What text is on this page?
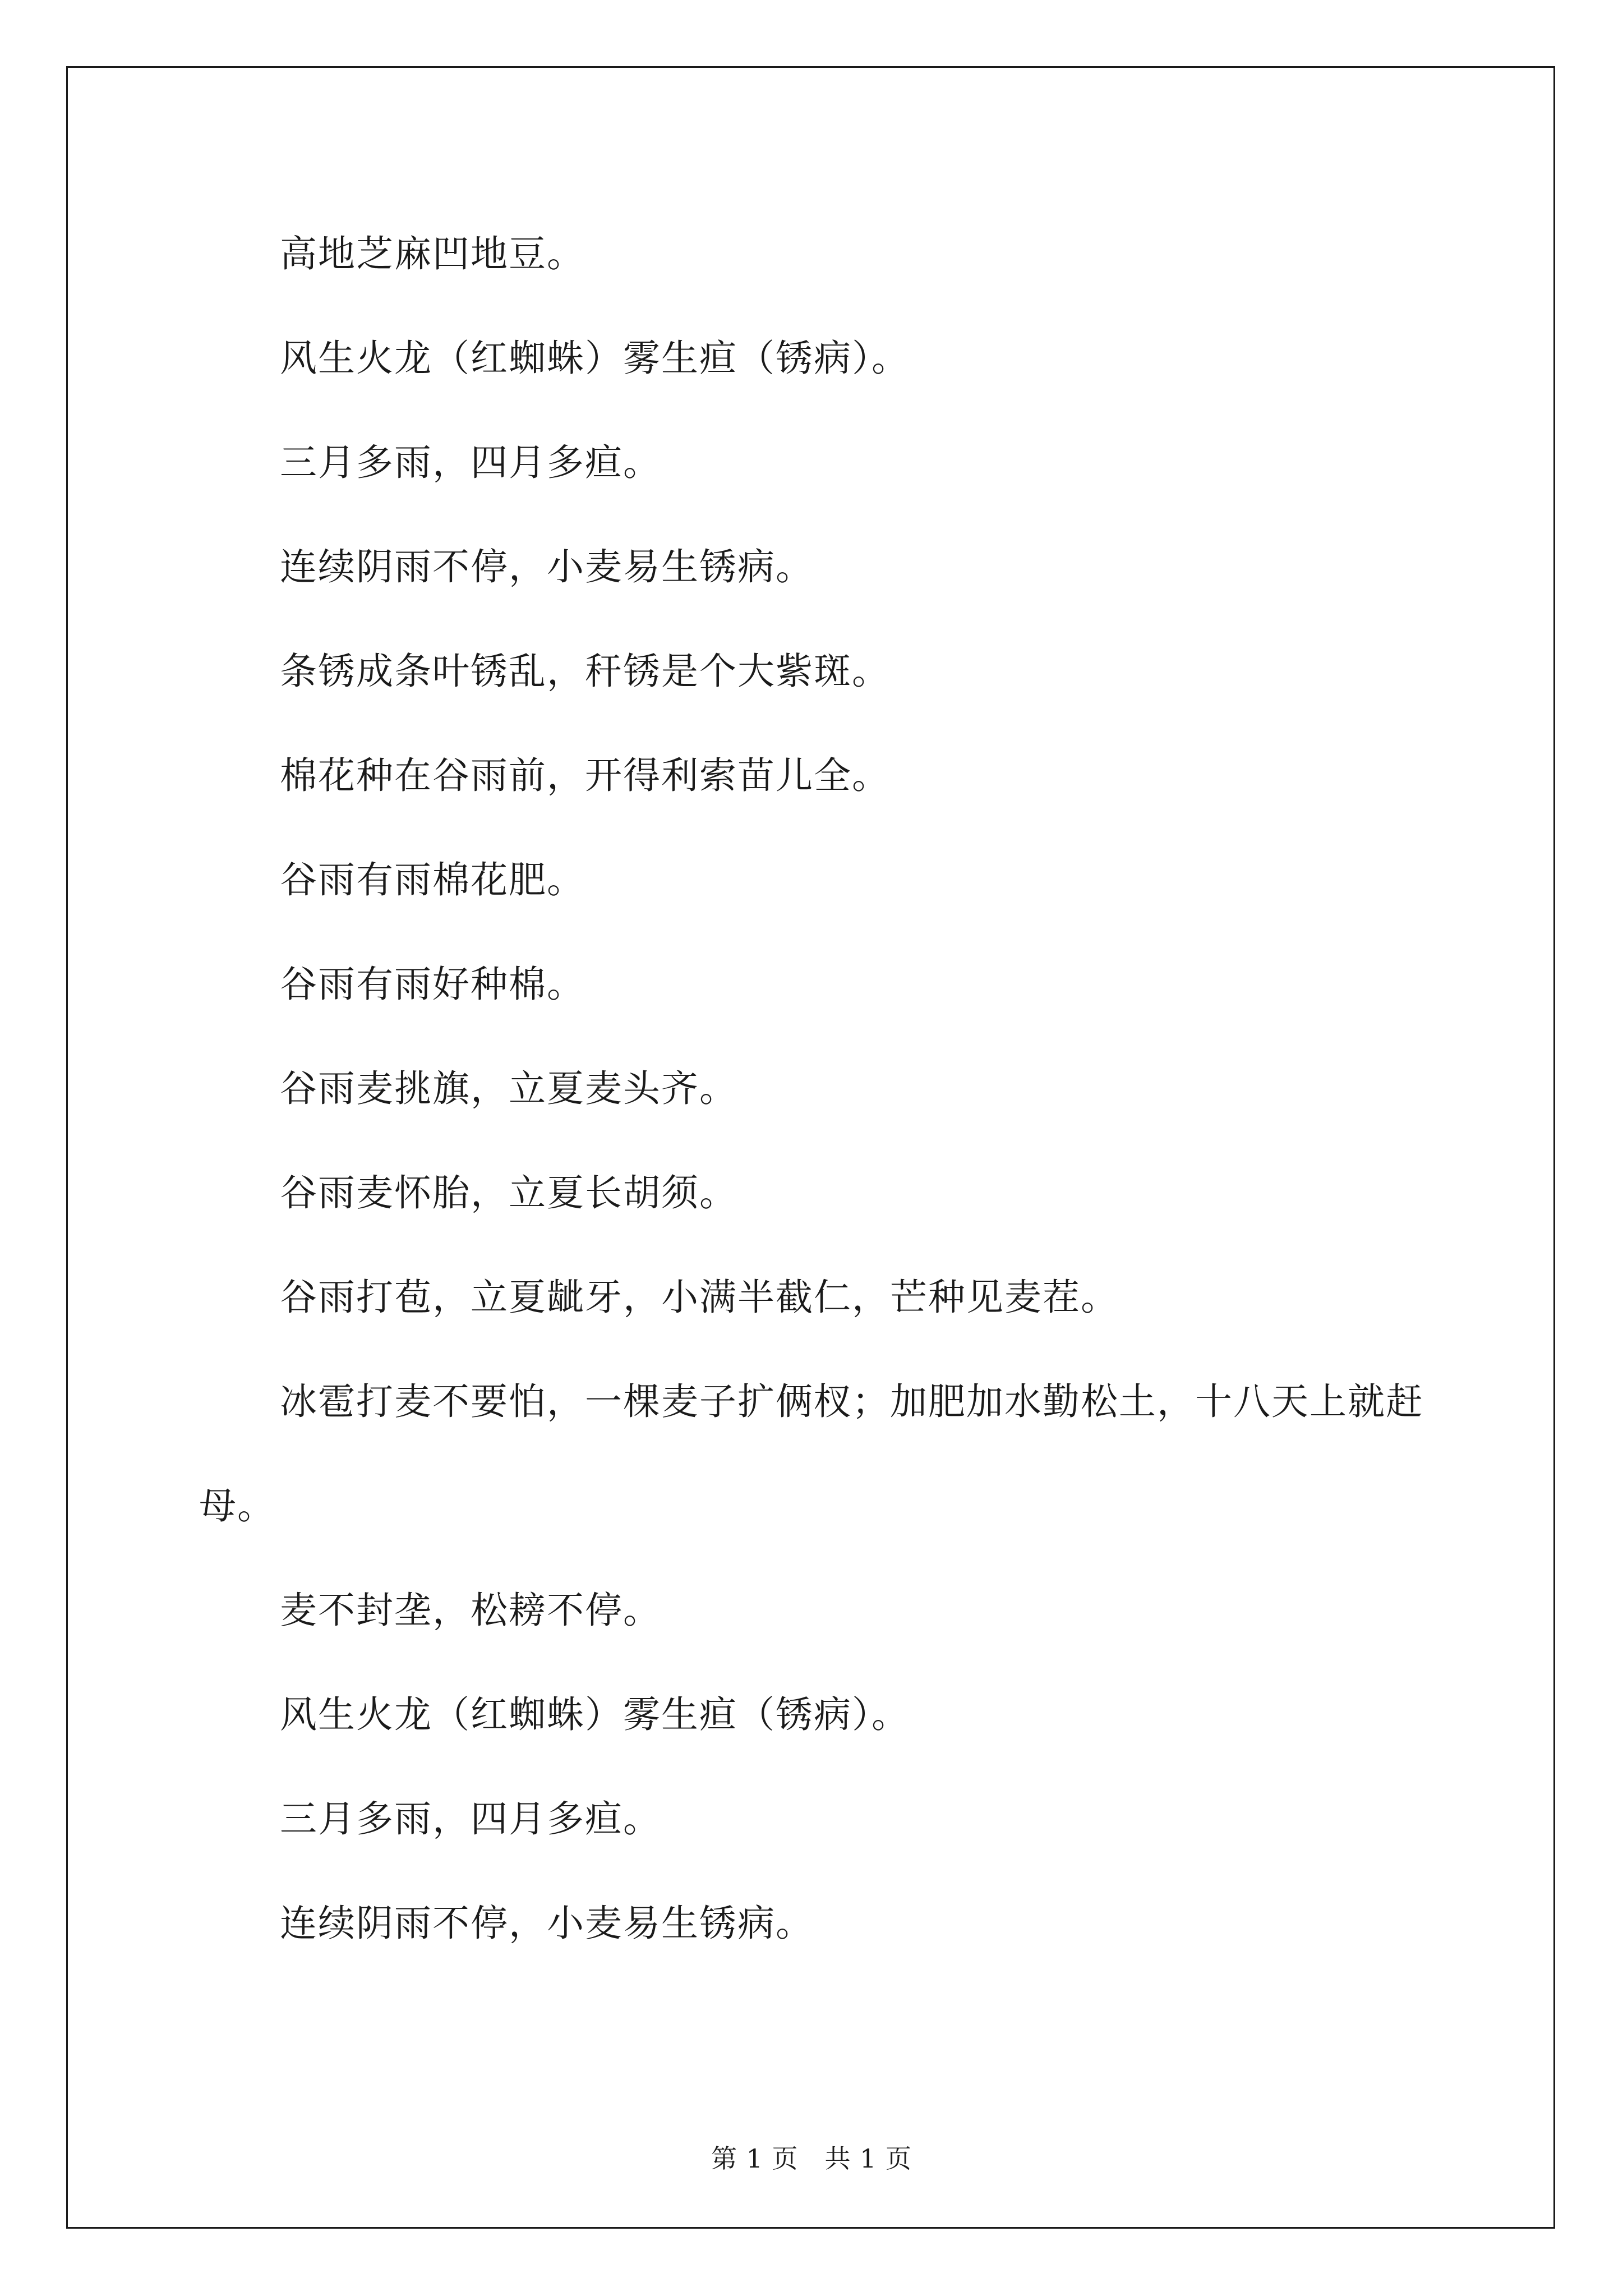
高地芝麻凹地豆。

风生火龙（红蜘蛛）雾生疸（锈病）。

三月多雨，四月多疸。

连续阴雨不停，小麦易生锈病。

条锈成条叶锈乱，秆锈是个大紫斑。

棉花种在谷雨前，开得利索苗儿全。

谷雨有雨棉花肥。

谷雨有雨好种棉。

谷雨麦挑旗，立夏麦头齐。

谷雨麦怀胎，立夏长胡须。

谷雨打苞，立夏龇牙，小满半截仁，芒种见麦茬。

冰雹打麦不要怕，一棵麦子扩俩杈；加肥加水勤松土，十八天上就赶母。

麦不封垄，松耪不停。

风生火龙（红蜘蛛）雾生疸（锈病）。

三月多雨，四月多疸。

连续阴雨不停，小麦易生锈病。

第 1 页　共 1 页
